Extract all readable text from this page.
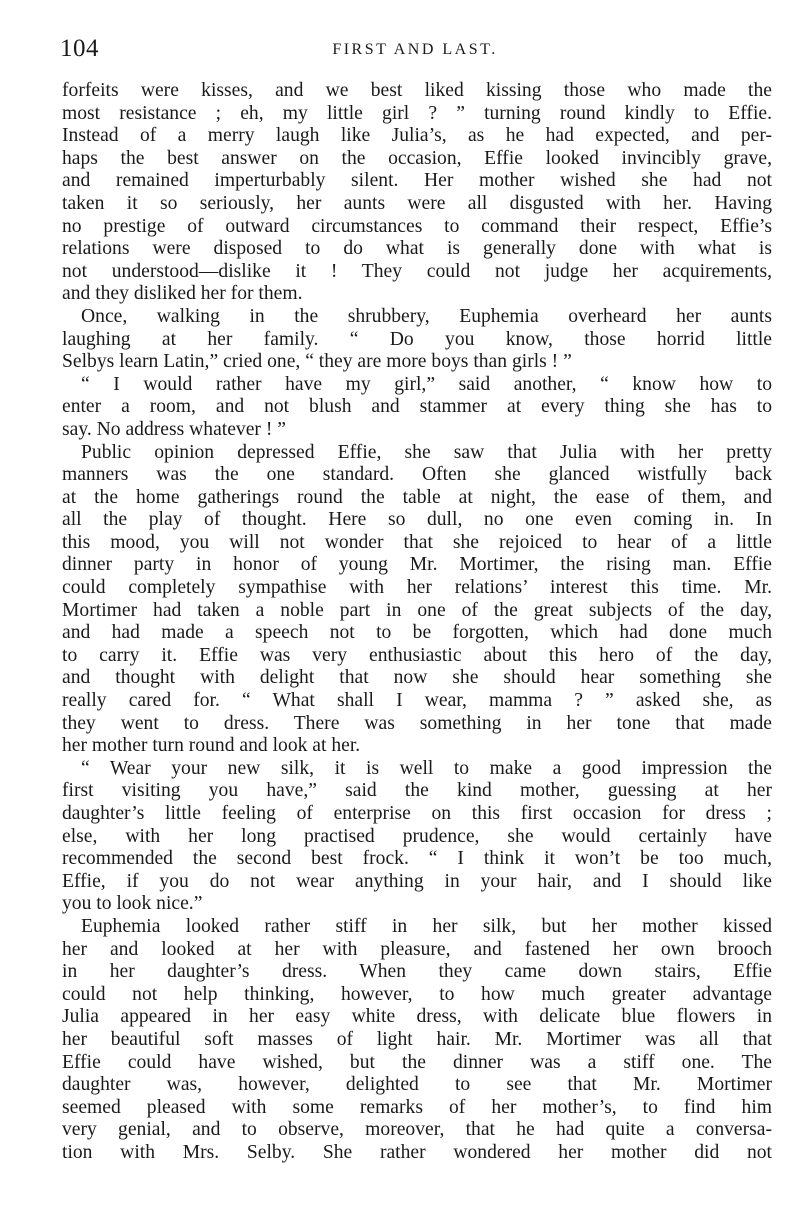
104	FIRST AND LAST.
forfeits were kisses, and we best liked kissing those who made the
most resistance ; eh, my little girl ? ” turning round kindly to Effie.
Instead of a merry laugh like Julia’s, as he had expected, and per-
haps the best answer on the occasion, Effie looked invincibly grave,
and remained imperturbably silent. Her mother wished she had not
taken it so seriously, her aunts were all disgusted with her. Having
no prestige of outward circumstances to command their respect, Effie’s
relations were disposed to do what is generally done with what is
not understood—dislike it ! They could not judge her acquirements,
and they disliked her for them.
Once, walking in the shrubbery, Euphemia overheard her aunts
laughing at her family. “ Do you know, those horrid little
Selbys learn Latin,” cried one, “ they are more boys than girls ! ”
“ I would rather have my girl,” said another, “ know how to
enter a room, and not blush and stammer at every thing she has to
say. No address whatever ! ”
Public opinion depressed Effie, she saw that Julia with her pretty
manners was the one standard. Often she glanced wistfully back
at the home gatherings round the table at night, the ease of them, and
all the play of thought. Here so dull, no one even coming in. In
this mood, you will not wonder that she rejoiced to hear of a little
dinner party in honor of young Mr. Mortimer, the rising man. Effie
could completely sympathise with her relations’ interest this time. Mr.
Mortimer had taken a noble part in one of the great subjects of the day,
and had made a speech not to be forgotten, which had done much
to carry it. Effie was very enthusiastic about this hero of the day,
and thought with delight that now she should hear something she
really cared for. “ What shall I wear, mamma ? ” asked she, as
they went to dress. There was something in her tone that made
her mother turn round and look at her.
“ Wear your new silk, it is well to make a good impression the
first visiting you have,” said the kind mother, guessing at her
daughter’s little feeling of enterprise on this first occasion for dress ;
else, with her long practised prudence, she would certainly have
recommended the second best frock. “ I think it won’t be too much,
Effie, if you do not wear anything in your hair, and I should like
you to look nice.”
Euphemia looked rather stiff in her silk, but her mother kissed
her and looked at her with pleasure, and fastened her own brooch
in her daughter’s dress. When they came down stairs, Effie
could not help thinking, however, to how much greater advantage
Julia appeared in her easy white dress, with delicate blue flowers in
her beautiful soft masses of light hair. Mr. Mortimer was all that
Effie could have wished, but the dinner was a stiff one. The
daughter was, however, delighted to see that Mr. Mortimer
seemed pleased with some remarks of her mother’s, to find him
very genial, and to observe, moreover, that he had quite a conversa-
tion with Mrs. Selby. She rather wondered her mother did not
